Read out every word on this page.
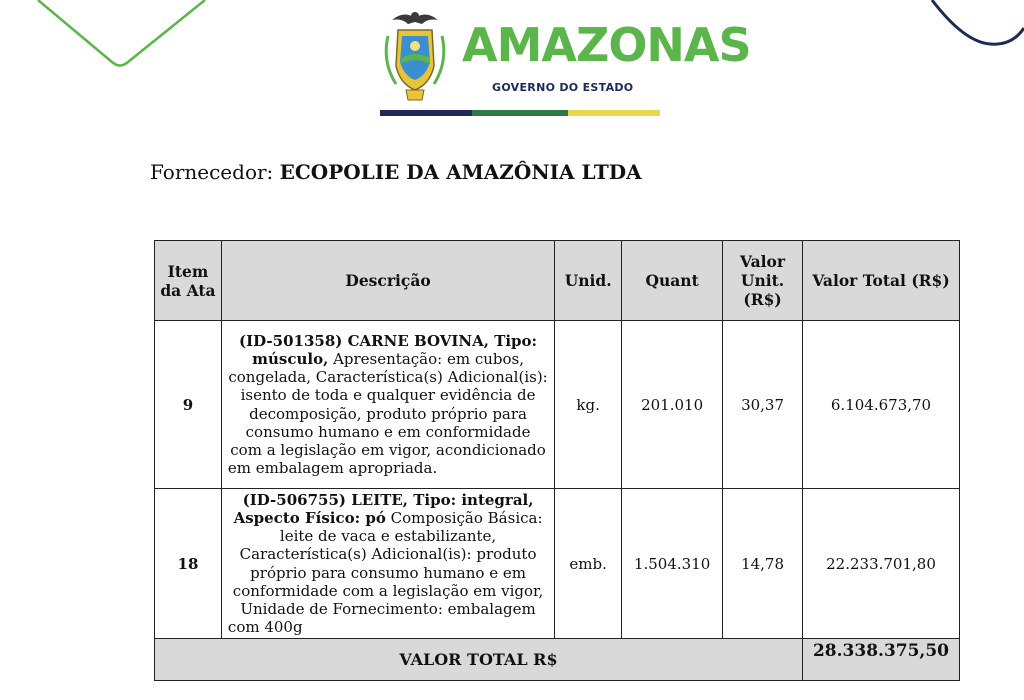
AMAZONAS
GOVERNO DO ESTADO
Fornecedor: ECOPOLIE DA AMAZÔNIA LTDA
Item da Ata	Descrição	Unid.	Quant	Valor Unit. (R$)	Valor Total (R$)
9	(ID-501358) CARNE BOVINA, Tipo: músculo, Apresentação: em cubos, congelada, Característica(s) Adicional(is): isento de toda e qualquer evidência de decomposição, produto próprio para consumo humano e em conformidade com a legislação em vigor, acondicionado em embalagem apropriada.	kg.	201.010	30,37	6.104.673,70
18	(ID-506755) LEITE, Tipo: integral, Aspecto Físico: pó Composição Básica: leite de vaca e estabilizante, Característica(s) Adicional(is): produto próprio para consumo humano e em conformidade com a legislação em vigor, Unidade de Fornecimento: embalagem com 400g	emb.	1.504.310	14,78	22.233.701,80
VALOR TOTAL R$					28.338.375,50
